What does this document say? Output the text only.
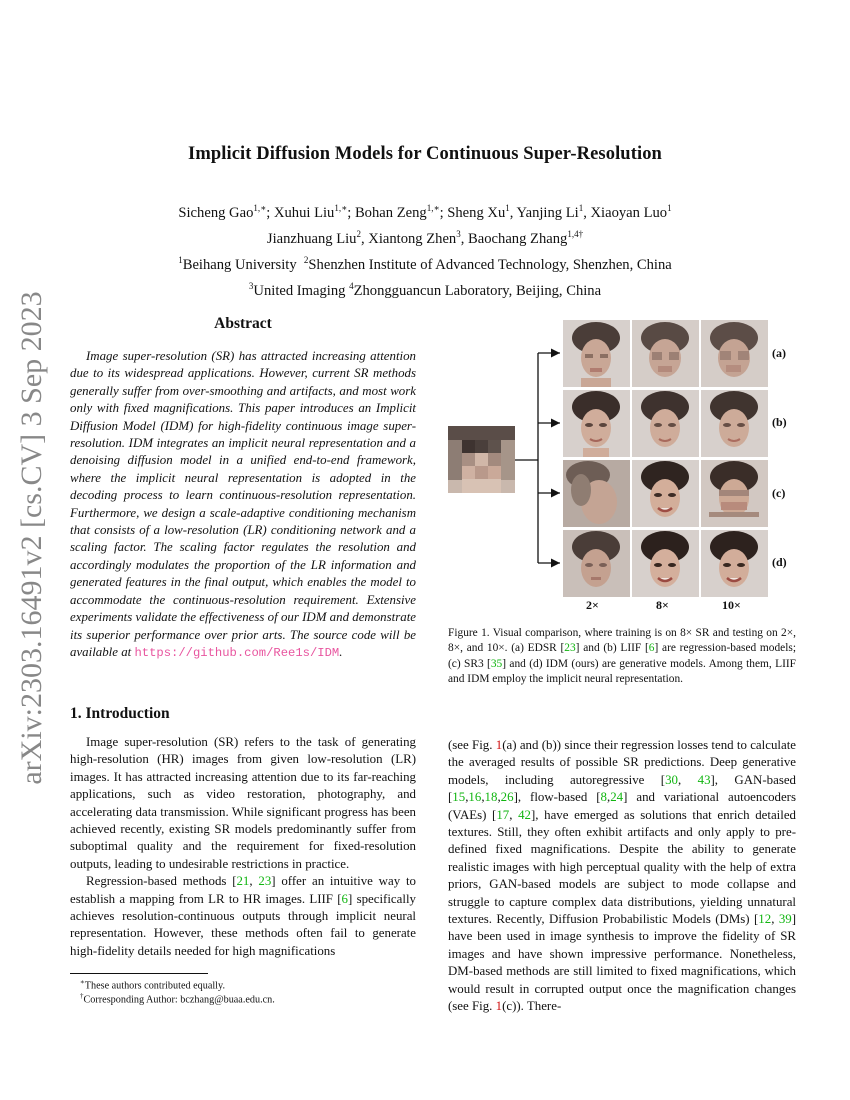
arXiv:2303.16491v2 [cs.CV] 3 Sep 2023
Implicit Diffusion Models for Continuous Super-Resolution
Sicheng Gao$^{1,∗}$; Xuhui Liu$^{1,∗}$; Bohan Zeng$^{1,∗}$; Sheng Xu$^1$, Yanjing Li$^1$, Xiaoyan Luo$^1$
Jianzhuang Liu$^2$, Xiantong Zhen$^3$, Baochang Zhang$^{1,4\dagger}$
$^1$Beihang University $^2$Shenzhen Institute of Advanced Technology, Shenzhen, China
$^3$United Imaging $^4$Zhongguancun Laboratory, Beijing, China
Abstract
Image super-resolution (SR) has attracted increasing attention due to its widespread applications. However, current SR methods generally suffer from over-smoothing and artifacts, and most work only with fixed magnifications. This paper introduces an Implicit Diffusion Model (IDM) for high-fidelity continuous image super-resolution. IDM integrates an implicit neural representation and a denoising diffusion model in a unified end-to-end framework, where the implicit neural representation is adopted in the decoding process to learn continuous-resolution representation. Furthermore, we design a scale-adaptive conditioning mechanism that consists of a low-resolution (LR) conditioning network and a scaling factor. The scaling factor regulates the resolution and accordingly modulates the proportion of the LR information and generated features in the final output, which enables the model to accommodate the continuous-resolution requirement. Extensive experiments validate the effectiveness of our IDM and demonstrate its superior performance over prior arts. The source code will be available at https://github.com/Ree1s/IDM.
(a)
(b)
(c)
(d)
2×	8×	10×
Figure 1. Visual comparison, where training is on 8× SR and testing on 2×, 8×, and 10×. (a) EDSR [23] and (b) LIIF [6] are regression-based models; (c) SR3 [35] and (d) IDM (ours) are generative models. Among them, LIIF and IDM employ the implicit neural representation.
1. Introduction

Image super-resolution (SR) refers to the task of generating high-resolution (HR) images from given low-resolution (LR) images. It has attracted increasing attention due to its far-reaching applications, such as video restoration, photography, and accelerating data transmission. While significant progress has been achieved recently, existing SR models predominantly suffer from suboptimal quality and the requirement for fixed-resolution outputs, leading to undesirable restrictions in practice.

Regression-based methods [21, 23] offer an intuitive way to establish a mapping from LR to HR images. LIIF [6] specifically achieves resolution-continuous outputs through implicit neural representation. However, these methods often fail to generate high-fidelity details needed for high magnifications

(see Fig. 1(a) and (b)) since their regression losses tend to calculate the averaged results of possible SR predictions. Deep generative models, including autoregressive [30, 43], GAN-based [15,16,18,26], flow-based [8,24] and variational autoencoders (VAEs) [17, 42], have emerged as solutions that enrich detailed textures. Still, they often exhibit artifacts and only apply to pre-defined fixed magnifications. Despite the ability to generate realistic images with high perceptual quality with the help of extra priors, GAN-based models are subject to mode collapse and struggle to capture complex data distributions, yielding unnatural textures. Recently, Diffusion Probabilistic Models (DMs) [12, 39] have been used in image synthesis to improve the fidelity of SR images and have shown impressive performance. Nonetheless, DM-based methods are still limited to fixed magnifications, which would result in corrupted output once the magnification changes (see Fig. 1(c)). There-

∗These authors contributed equally.
†Corresponding Author: bczhang@buaa.edu.cn.
